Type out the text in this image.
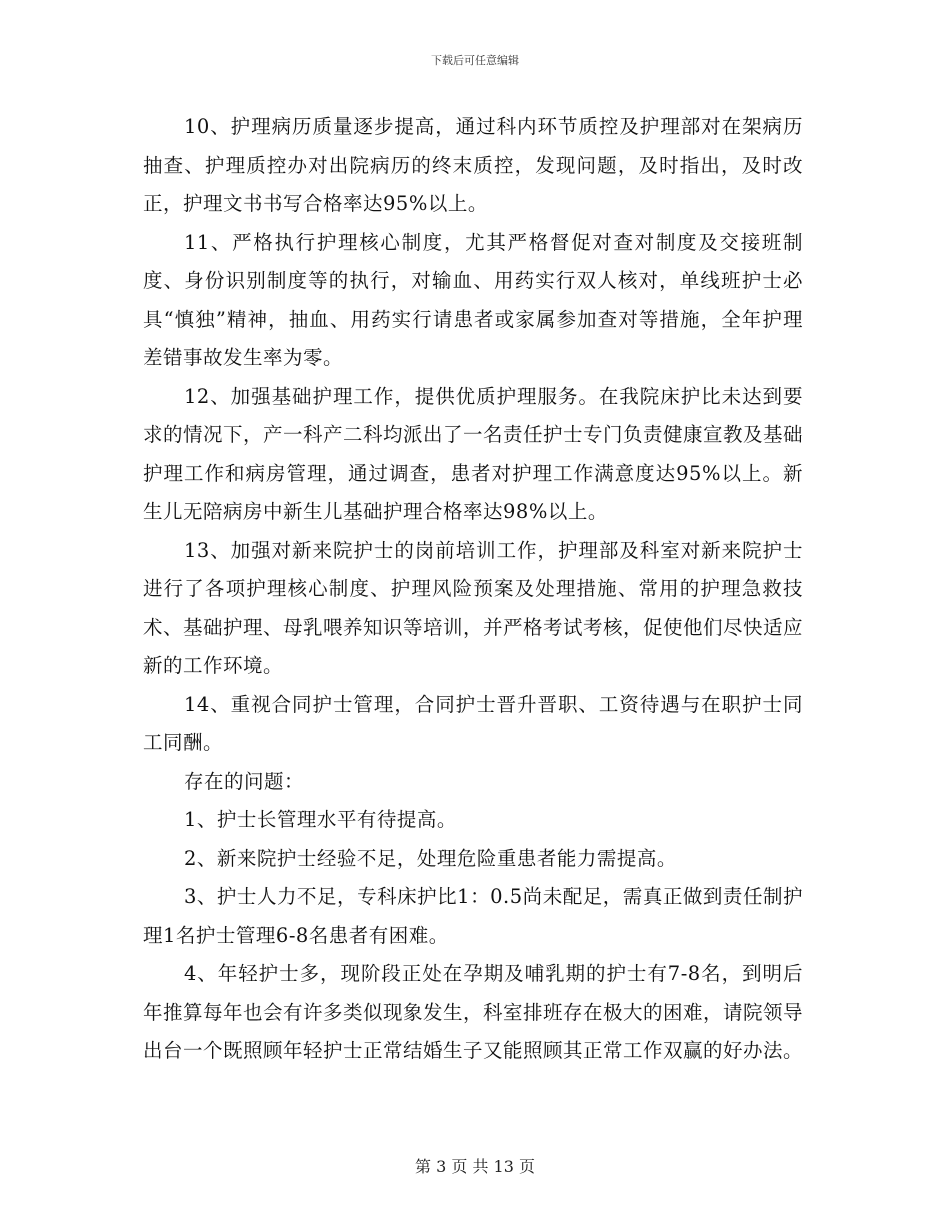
下载后可任意编辑

10、护理病历质量逐步提高，通过科内环节质控及护理部对在架病历抽查、护理质控办对出院病历的终末质控，发现问题，及时指出，及时改正，护理文书书写合格率达95%以上。

11、严格执行护理核心制度，尤其严格督促对查对制度及交接班制度、身份识别制度等的执行，对输血、用药实行双人核对，单线班护士必具“慎独”精神，抽血、用药实行请患者或家属参加查对等措施，全年护理差错事故发生率为零。

12、加强基础护理工作，提供优质护理服务。在我院床护比未达到要求的情况下，产一科产二科均派出了一名责任护士专门负责健康宣教及基础护理工作和病房管理，通过调查，患者对护理工作满意度达95%以上。新生儿无陪病房中新生儿基础护理合格率达98%以上。

13、加强对新来院护士的岗前培训工作，护理部及科室对新来院护士进行了各项护理核心制度、护理风险预案及处理措施、常用的护理急救技术、基础护理、母乳喂养知识等培训，并严格考试考核，促使他们尽快适应新的工作环境。

14、重视合同护士管理，合同护士晋升晋职、工资待遇与在职护士同工同酬。

存在的问题：

1、护士长管理水平有待提高。

2、新来院护士经验不足，处理危险重患者能力需提高。

3、护士人力不足，专科床护比1：0.5尚未配足，需真正做到责任制护理1名护士管理6-8名患者有困难。

4、年轻护士多，现阶段正处在孕期及哺乳期的护士有7-8名，到明后年推算每年也会有许多类似现象发生，科室排班存在极大的困难，请院领导出台一个既照顾年轻护士正常结婚生子又能照顾其正常工作双赢的好办法。

第 3 页 共 13 页
